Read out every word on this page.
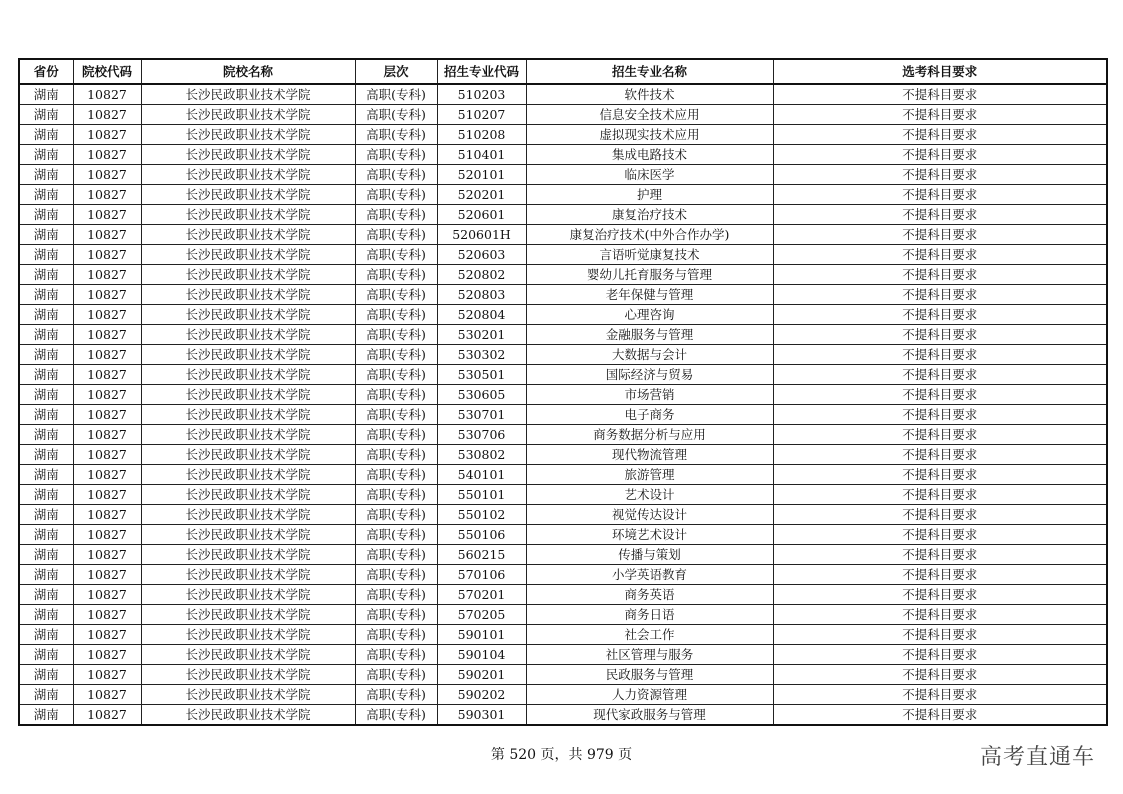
省份	院校代码	院校名称	层次	招生专业代码	招生专业名称	选考科目要求
湖南	10827	长沙民政职业技术学院	高职(专科)	510203	软件技术	不提科目要求
湖南	10827	长沙民政职业技术学院	高职(专科)	510207	信息安全技术应用	不提科目要求
湖南	10827	长沙民政职业技术学院	高职(专科)	510208	虚拟现实技术应用	不提科目要求
湖南	10827	长沙民政职业技术学院	高职(专科)	510401	集成电路技术	不提科目要求
湖南	10827	长沙民政职业技术学院	高职(专科)	520101	临床医学	不提科目要求
湖南	10827	长沙民政职业技术学院	高职(专科)	520201	护理	不提科目要求
湖南	10827	长沙民政职业技术学院	高职(专科)	520601	康复治疗技术	不提科目要求
湖南	10827	长沙民政职业技术学院	高职(专科)	520601H	康复治疗技术(中外合作办学)	不提科目要求
湖南	10827	长沙民政职业技术学院	高职(专科)	520603	言语听觉康复技术	不提科目要求
湖南	10827	长沙民政职业技术学院	高职(专科)	520802	婴幼儿托育服务与管理	不提科目要求
湖南	10827	长沙民政职业技术学院	高职(专科)	520803	老年保健与管理	不提科目要求
湖南	10827	长沙民政职业技术学院	高职(专科)	520804	心理咨询	不提科目要求
湖南	10827	长沙民政职业技术学院	高职(专科)	530201	金融服务与管理	不提科目要求
湖南	10827	长沙民政职业技术学院	高职(专科)	530302	大数据与会计	不提科目要求
湖南	10827	长沙民政职业技术学院	高职(专科)	530501	国际经济与贸易	不提科目要求
湖南	10827	长沙民政职业技术学院	高职(专科)	530605	市场营销	不提科目要求
湖南	10827	长沙民政职业技术学院	高职(专科)	530701	电子商务	不提科目要求
湖南	10827	长沙民政职业技术学院	高职(专科)	530706	商务数据分析与应用	不提科目要求
湖南	10827	长沙民政职业技术学院	高职(专科)	530802	现代物流管理	不提科目要求
湖南	10827	长沙民政职业技术学院	高职(专科)	540101	旅游管理	不提科目要求
湖南	10827	长沙民政职业技术学院	高职(专科)	550101	艺术设计	不提科目要求
湖南	10827	长沙民政职业技术学院	高职(专科)	550102	视觉传达设计	不提科目要求
湖南	10827	长沙民政职业技术学院	高职(专科)	550106	环境艺术设计	不提科目要求
湖南	10827	长沙民政职业技术学院	高职(专科)	560215	传播与策划	不提科目要求
湖南	10827	长沙民政职业技术学院	高职(专科)	570106	小学英语教育	不提科目要求
湖南	10827	长沙民政职业技术学院	高职(专科)	570201	商务英语	不提科目要求
湖南	10827	长沙民政职业技术学院	高职(专科)	570205	商务日语	不提科目要求
湖南	10827	长沙民政职业技术学院	高职(专科)	590101	社会工作	不提科目要求
湖南	10827	长沙民政职业技术学院	高职(专科)	590104	社区管理与服务	不提科目要求
湖南	10827	长沙民政职业技术学院	高职(专科)	590201	民政服务与管理	不提科目要求
湖南	10827	长沙民政职业技术学院	高职(专科)	590202	人力资源管理	不提科目要求
湖南	10827	长沙民政职业技术学院	高职(专科)	590301	现代家政服务与管理	不提科目要求
第 520 页，共 979 页	高考直通车
